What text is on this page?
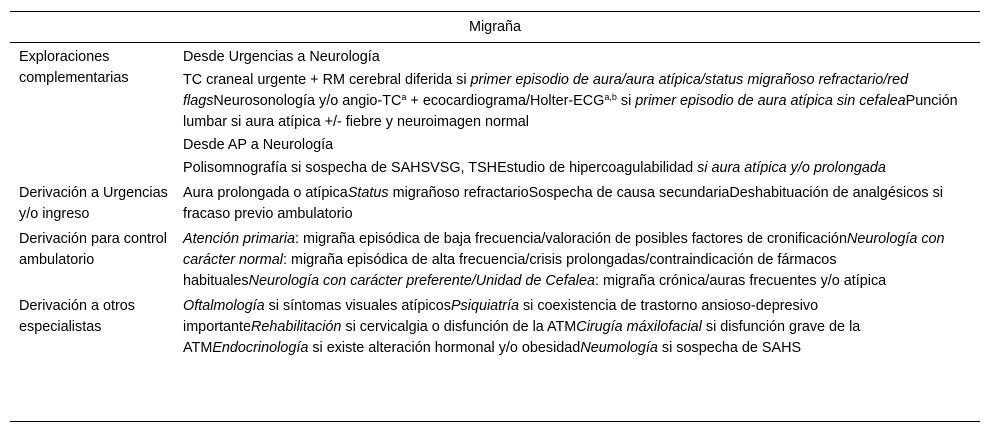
Migraña
Exploraciones complementarias
Desde Urgencias a Neurología
TC craneal urgente + RM cerebral diferida si primer episodio de aura/aura atípica/status migrañoso refractario/red flagsNeurosonología y/o angio-$TC^a$ + ecocardiograma/Holter-ECG$^{a,b}$ si primer episodio de aura atípica sin cefaleaPunción lumbar si aura atípica +/- fiebre y neuroimagen normal
Desde AP a Neurología
Polisomnografía si sospecha de SAHSVSG, TSHEstudio de hipercoagulabilidad si aura atípica y/o prolongada
Derivación a Urgencias y/o ingreso
Aura prolongada o atípicaStatus migrañoso refractarioSospecha de causa secundariaDeshabituación de analgésicos si fracaso previo ambulatorio
Derivación para control ambulatorio
Atención primaria: migraña episódica de baja frecuencia/valoración de posibles factores de cronificaciónNeurología con carácter normal: migraña episódica de alta frecuencia/crisis prolongadas/contraindicación de fármacos habitualesNeurología con carácter preferente/Unidad de Cefalea: migraña crónica/auras frecuentes y/o atípica
Derivación a otros especialistas
Oftalmología si síntomas visuales atípicosPsiquiatría si coexistencia de trastorno ansioso-depresivo importanteRehabilitación si cervicalgia o disfunción de la ATMCirugía máxilofacial si disfunción grave de la ATMEndocrinología si existe alteración hormonal y/o obesidadNeumología si sospecha de SAHS
